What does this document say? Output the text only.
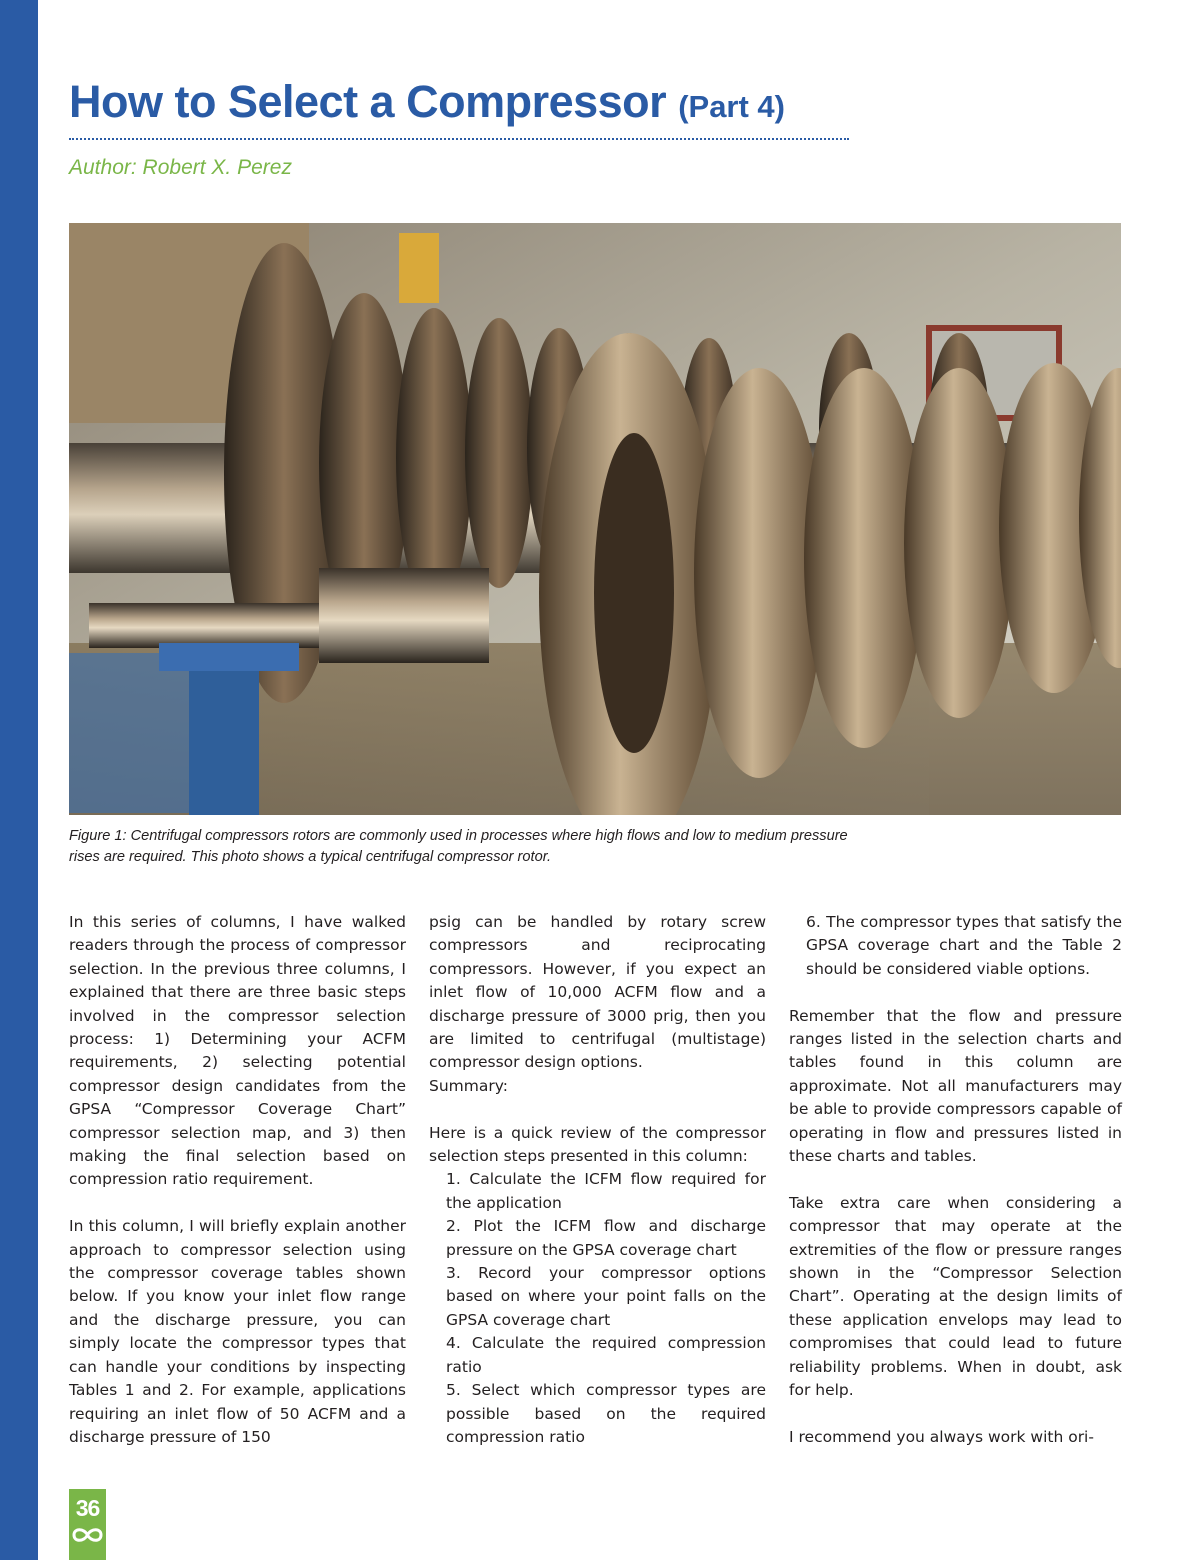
How to Select a Compressor (Part 4)
Author: Robert X. Perez
Figure 1: Centrifugal compressors rotors are commonly used in processes where high flows and low to medium pressure
rises are required. This photo shows a typical centrifugal compressor rotor.

In this series of columns, I have walked readers through the process of compressor selection. In the previous three columns, I explained that there are three basic steps involved in the compressor selection process: 1) Determining your ACFM requirements, 2) selecting potential compressor design candidates from the GPSA “Compressor Coverage Chart” compressor selection map, and 3) then making the final selection based on compression ratio requirement.

In this column, I will briefly explain another approach to compressor selection using the compressor coverage tables shown below. If you know your inlet flow range and the discharge pressure, you can simply locate the compressor types that can handle your conditions by inspecting Tables 1 and 2. For example, applications requiring an inlet flow of 50 ACFM and a discharge pressure of 150

psig can be handled by rotary screw compressors and reciprocating compressors. However, if you expect an inlet flow of 10,000 ACFM flow and a discharge pressure of 3000 prig, then you are limited to centrifugal (multistage) compressor design options.

Summary:

Here is a quick review of the compressor selection steps presented in this column:

1. Calculate the ICFM flow required for the application

2. Plot the ICFM flow and discharge pressure on the GPSA coverage chart

3. Record your compressor options based on where your point falls on the GPSA coverage chart

4. Calculate the required compression ratio

5. Select which compressor types are possible based on the required compression ratio

6. The compressor types that satisfy the GPSA coverage chart and the Table 2 should be considered viable options.

Remember that the flow and pressure ranges listed in the selection charts and tables found in this column are approximate. Not all manufacturers may be able to provide compressors capable of operating in flow and pressures listed in these charts and tables.

Take extra care when considering a compressor that may operate at the extremities of the flow or pressure ranges shown in the “Compressor Selection Chart”. Operating at the design limits of these application envelops may lead to compromises that could lead to future reliability problems. When in doubt, ask for help.

I recommend you always work with ori-

36
